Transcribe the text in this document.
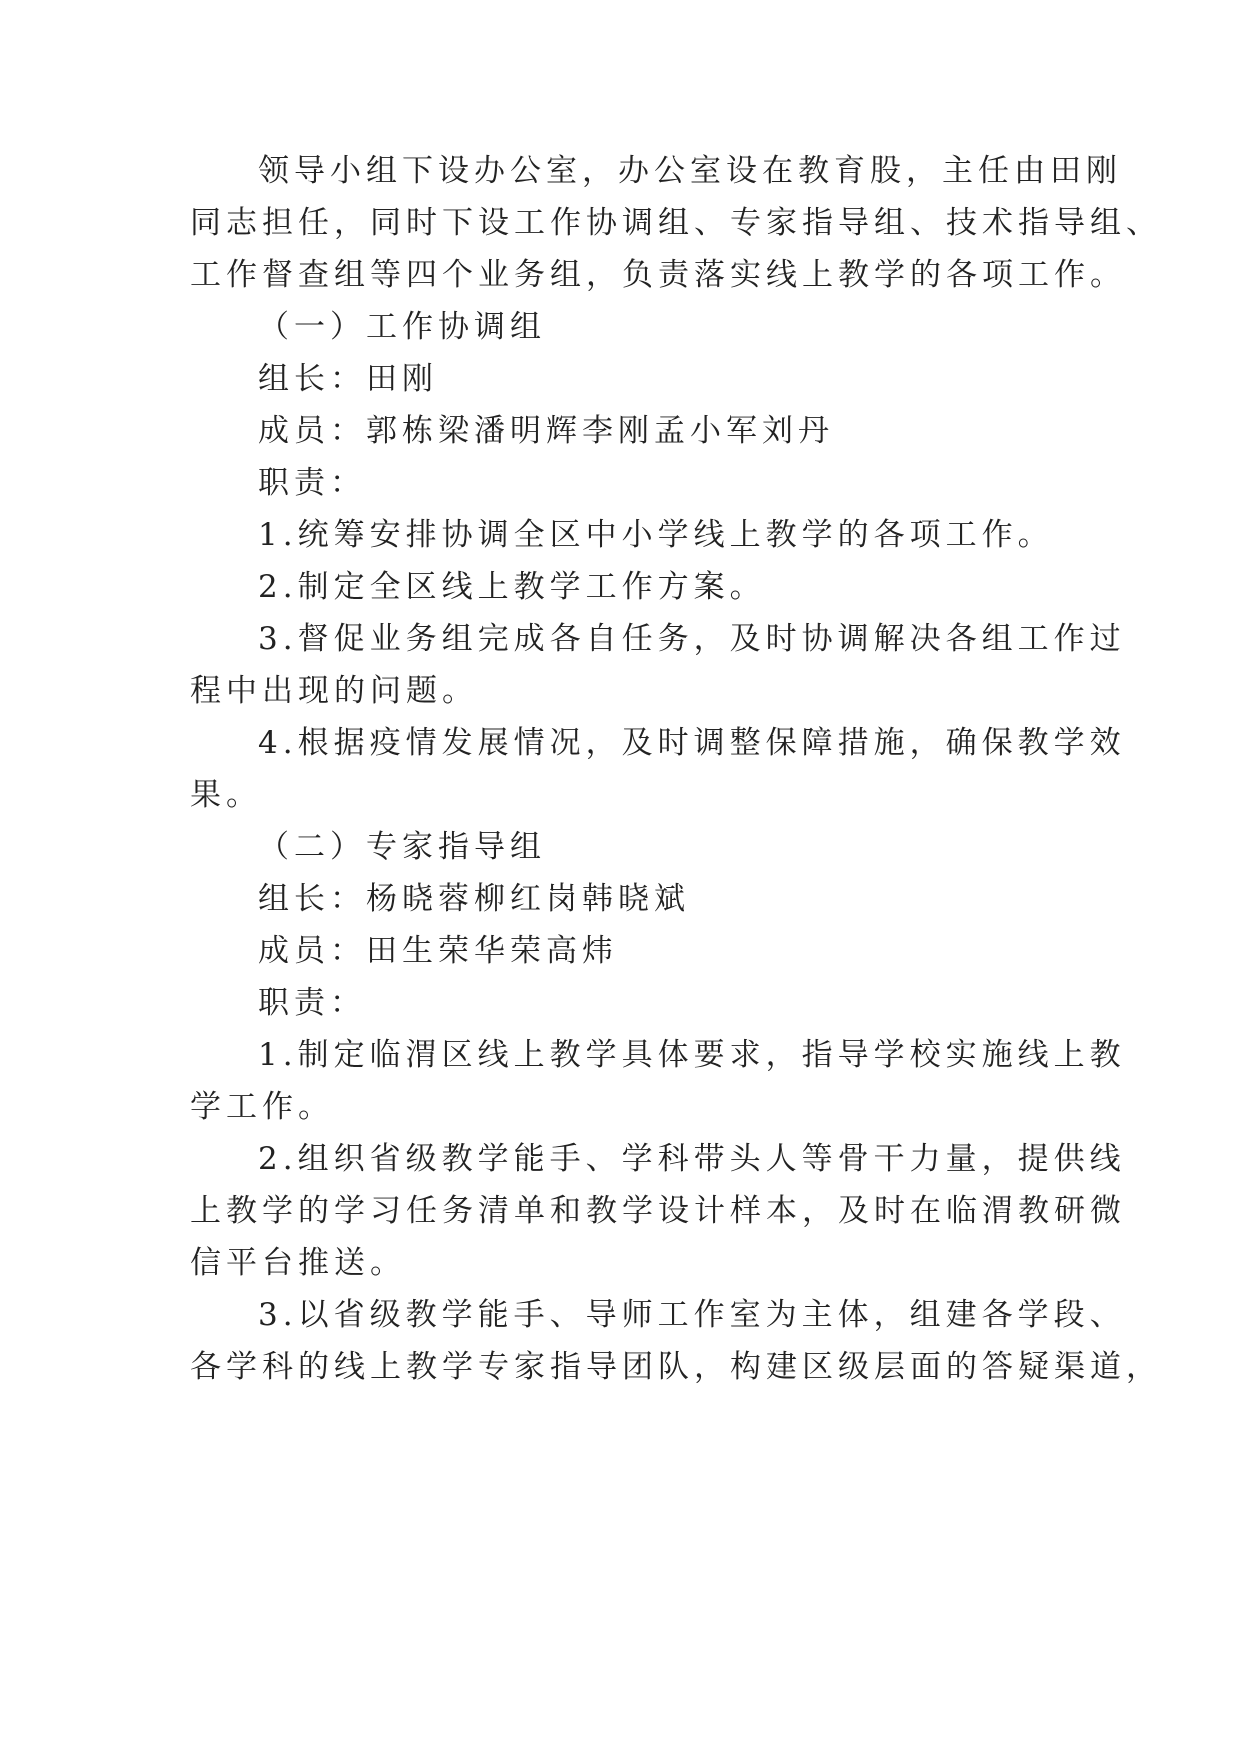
领导小组下设办公室，办公室设在教育股，主任由田刚
同志担任，同时下设工作协调组、专家指导组、技术指导组、
工作督查组等四个业务组，负责落实线上教学的各项工作。
（一）工作协调组
组长：田刚
成员：郭栋梁潘明辉李刚孟小军刘丹
职责：
1.统筹安排协调全区中小学线上教学的各项工作。
2.制定全区线上教学工作方案。
3.督促业务组完成各自任务，及时协调解决各组工作过
程中出现的问题。
4.根据疫情发展情况，及时调整保障措施，确保教学效
果。
（二）专家指导组
组长：杨晓蓉柳红岗韩晓斌
成员：田生荣华荣高炜
职责：
1.制定临渭区线上教学具体要求，指导学校实施线上教
学工作。
2.组织省级教学能手、学科带头人等骨干力量，提供线
上教学的学习任务清单和教学设计样本，及时在临渭教研微
信平台推送。
3.以省级教学能手、导师工作室为主体，组建各学段、
各学科的线上教学专家指导团队，构建区级层面的答疑渠道，
